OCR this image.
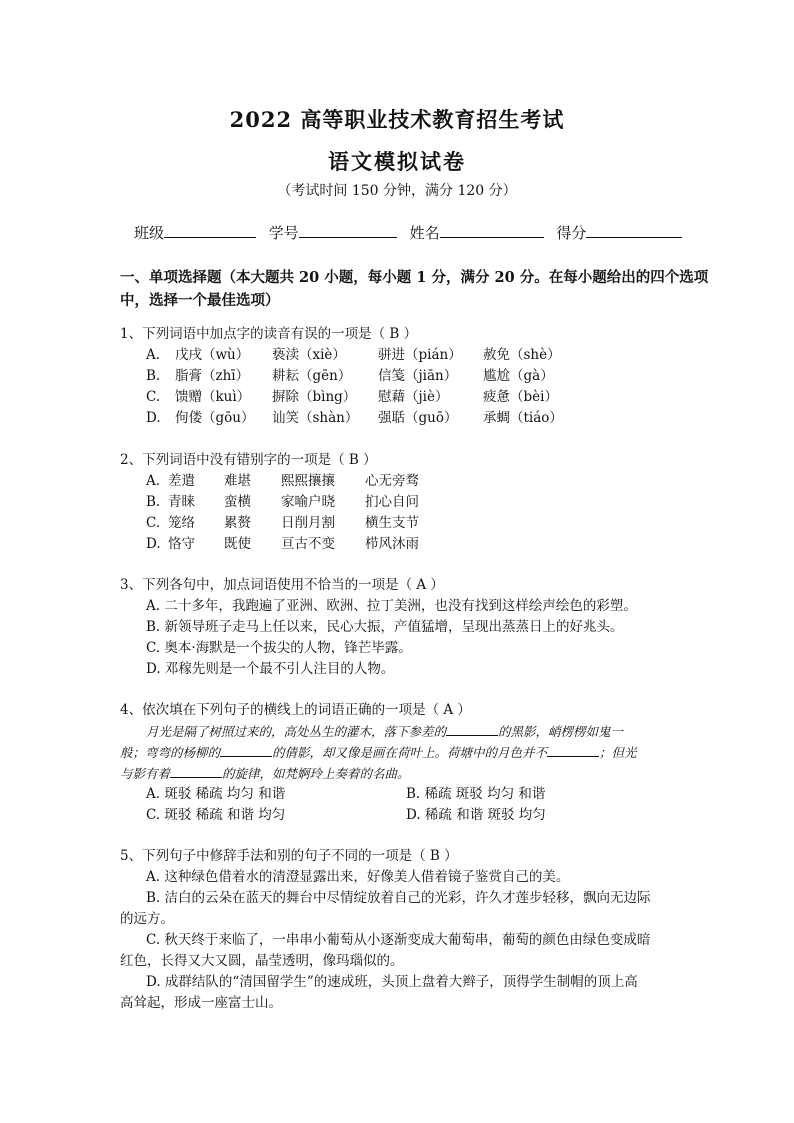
2022 高等职业技术教育招生考试
语文模拟试卷
（考试时间 150 分钟，满分 120 分）
班级	学号	姓名	得分
一、单项选择题（本大题共 20 小题，每小题 1 分，满分 20 分。在每小题给出的四个选项
中，选择一个最佳选项）
1、下列词语中加点字的读音有误的一项是（ B ）
A. 戊戌（wù） 亵渎（xiè） 骈进（pián） 赦免（shè）
B. 脂膏（zhī） 耕耘（gēn） 信笺（jiān） 尴尬（gà）
C. 馈赠（kuì） 摒除（bìng） 慰藉（jiè）	疲惫（bèi）
D. 佝偻（gōu） 讪笑（shàn） 强聒（guō） 承蜩（tiáo）
2、下列词语中没有错别字的一项是（ B ）
A. 差遣 难堪 熙熙攘攘 心无旁骛
B. 青睐 蛮横 家喻户晓 扪心自问
C. 笼络 累赘 日削月割 横生支节
D. 恪守 既使 亘古不变 栉风沐雨
3、下列各句中，加点词语使用不恰当的一项是（ A ）
A. 二十多年，我跑遍了亚洲、欧洲、拉丁美洲，也没有找到这样绘声绘色的彩塑。
B. 新领导班子走马上任以来，民心大振，产值猛增，呈现出蒸蒸日上的好兆头。
C. 奥本·海默是一个拔尖的人物，锋芒毕露。
D. 邓稼先则是一个最不引人注目的人物。
4、依次填在下列句子的横线上的词语正确的一项是（ A ）
月光是隔了树照过来的，高处丛生的灌木，落下参差的	的黑影，峭楞楞如鬼一
般；弯弯的杨柳的	的倩影，却又像是画在荷叶上。荷塘中的月色并不	；但光
与影有着	的旋律，如梵婀玲上奏着的名曲。
A. 斑驳 稀疏 均匀 和谐	B. 稀疏 斑驳 均匀 和谐
C. 斑驳 稀疏 和谐 均匀	D. 稀疏 和谐 斑驳 均匀
5、下列句子中修辞手法和别的句子不同的一项是（ B ）
A. 这种绿色借着水的清澄显露出来，好像美人借着镜子鉴赏自己的美。
B. 洁白的云朵在蓝天的舞台中尽情绽放着自己的光彩，许久才莲步轻移，飘向无边际
的远方。
C. 秋天终于来临了，一串串小葡萄从小逐渐变成大葡萄串，葡萄的颜色由绿色变成暗
红色，长得又大又圆，晶莹透明，像玛瑙似的。
D. 成群结队的“清国留学生”的速成班，头顶上盘着大辫子，顶得学生制帽的顶上高
高耸起，形成一座富士山。
